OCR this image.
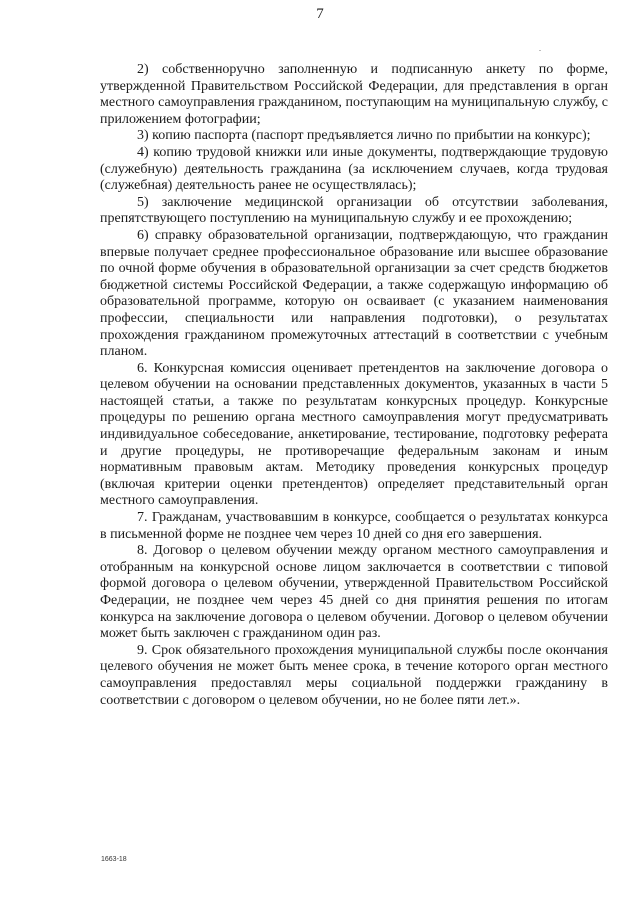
7
.

2) собственноручно заполненную и подписанную анкету по форме, утвержденной Правительством Российской Федерации, для представления в орган местного самоуправления гражданином, поступающим на муниципальную службу, с приложением фотографии;

3) копию паспорта (паспорт предъявляется лично по прибытии на конкурс);

4) копию трудовой книжки или иные документы, подтверждающие трудовую (служебную) деятельность гражданина (за исключением случаев, когда трудовая (служебная) деятельность ранее не осуществлялась);

5) заключение медицинской организации об отсутствии заболевания, препятствующего поступлению на муниципальную службу и ее прохождению;

6) справку образовательной организации, подтверждающую, что гражданин впервые получает среднее профессиональное образование или высшее образование по очной форме обучения в образовательной организации за счет средств бюджетов бюджетной системы Российской Федерации, а также содержащую информацию об образовательной программе, которую он осваивает (с указанием наименования профессии, специальности или направления подготовки), о результатах прохождения гражданином промежуточных аттестаций в соответствии с учебным планом.

6. Конкурсная комиссия оценивает претендентов на заключение договора о целевом обучении на основании представленных документов, указанных в части 5 настоящей статьи, а также по результатам конкурсных процедур. Конкурсные процедуры по решению органа местного самоуправления могут предусматривать индивидуальное собеседование, анкетирование, тестирование, подготовку реферата и другие процедуры, не противоречащие федеральным законам и иным нормативным правовым актам. Методику проведения конкурсных процедур (включая критерии оценки претендентов) определяет представительный орган местного самоуправления.

7. Гражданам, участвовавшим в конкурсе, сообщается о результатах конкурса в письменной форме не позднее чем через 10 дней со дня его завершения.

8. Договор о целевом обучении между органом местного самоуправления и отобранным на конкурсной основе лицом заключается в соответствии с типовой формой договора о целевом обучении, утвержденной Правительством Российской Федерации, не позднее чем через 45 дней со дня принятия решения по итогам конкурса на заключение договора о целевом обучении. Договор о целевом обучении может быть заключен с гражданином один раз.

9. Срок обязательного прохождения муниципальной службы после окончания целевого обучения не может быть менее срока, в течение которого орган местного самоуправления предоставлял меры социальной поддержки гражданину в соответствии с договором о целевом обучении, но не более пяти лет.».

1663-18
